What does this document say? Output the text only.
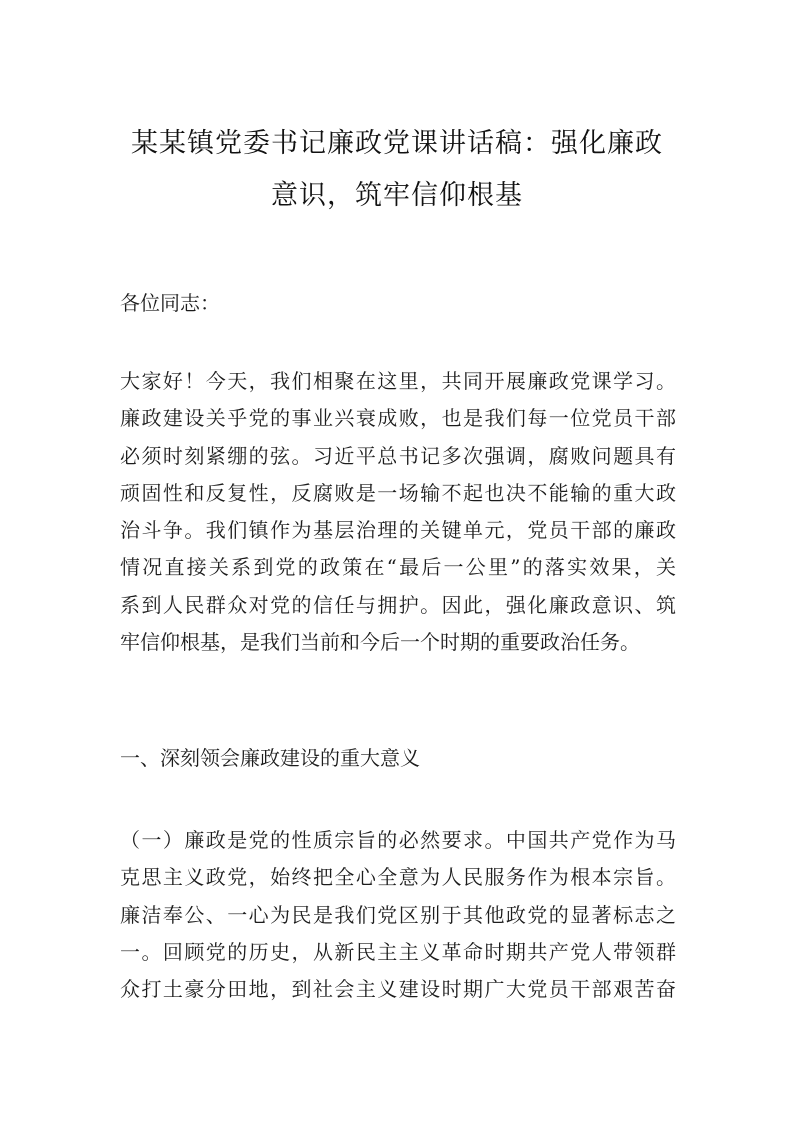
某某镇党委书记廉政党课讲话稿：强化廉政
意识，筑牢信仰根基

各位同志：

大家好！今天，我们相聚在这里，共同开展廉政党课学习。
廉政建设关乎党的事业兴衰成败，也是我们每一位党员干部
必须时刻紧绷的弦。习近平总书记多次强调，腐败问题具有
顽固性和反复性，反腐败是一场输不起也决不能输的重大政
治斗争。我们镇作为基层治理的关键单元，党员干部的廉政
情况直接关系到党的政策在“最后一公里”的落实效果，关
系到人民群众对党的信任与拥护。因此，强化廉政意识、筑
牢信仰根基，是我们当前和今后一个时期的重要政治任务。

一、深刻领会廉政建设的重大意义

（一）廉政是党的性质宗旨的必然要求。中国共产党作为马
克思主义政党，始终把全心全意为人民服务作为根本宗旨。
廉洁奉公、一心为民是我们党区别于其他政党的显著标志之
一。回顾党的历史，从新民主主义革命时期共产党人带领群
众打土豪分田地，到社会主义建设时期广大党员干部艰苦奋
